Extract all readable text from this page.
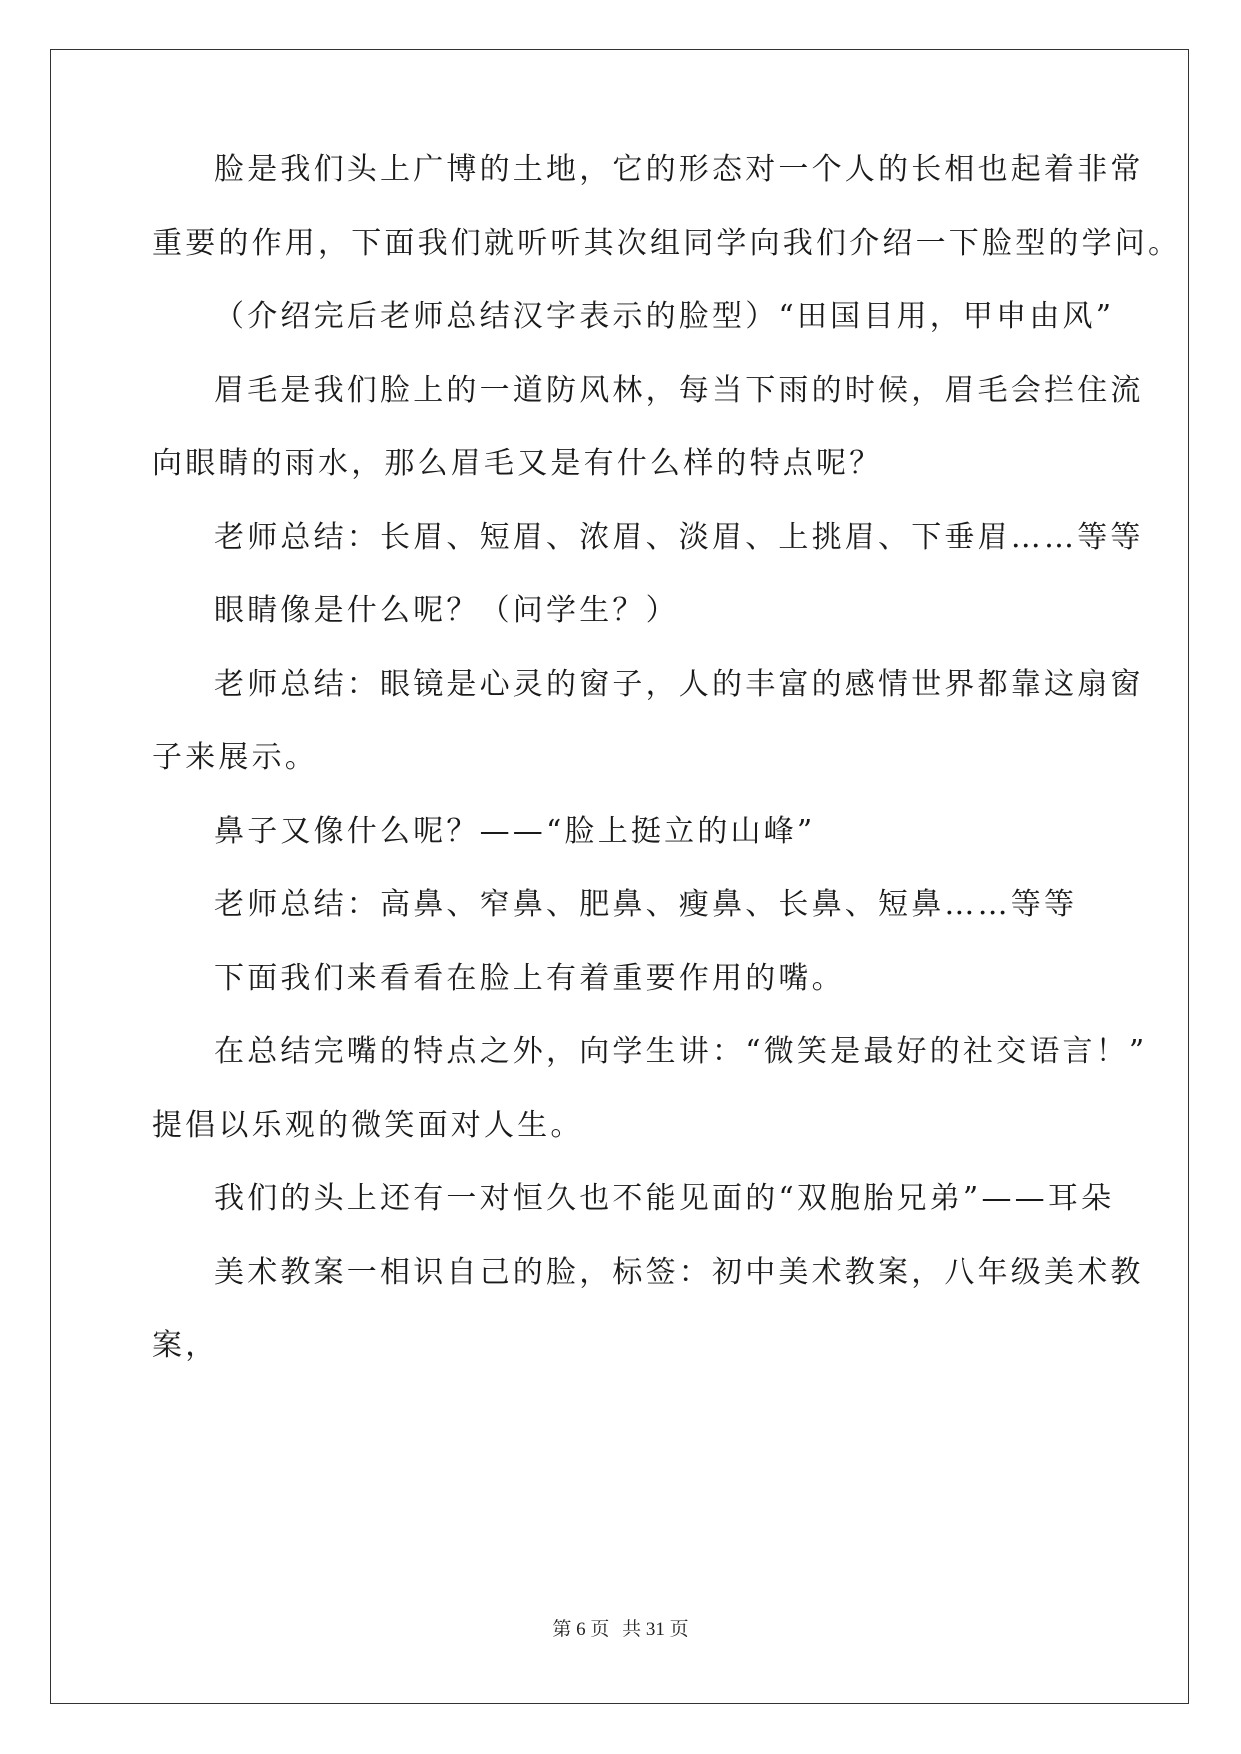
脸是我们头上广博的土地，它的形态对一个人的长相也起着非常
重要的作用，下面我们就听听其次组同学向我们介绍一下脸型的学问。
（介绍完后老师总结汉字表示的脸型）“田国目用，甲申由风”
眉毛是我们脸上的一道防风林，每当下雨的时候，眉毛会拦住流
向眼睛的雨水，那么眉毛又是有什么样的特点呢？
老师总结：长眉、短眉、浓眉、淡眉、上挑眉、下垂眉……等等
眼睛像是什么呢？（问学生？）
老师总结：眼镜是心灵的窗子，人的丰富的感情世界都靠这扇窗
子来展示。
鼻子又像什么呢？——“脸上挺立的山峰”
老师总结：高鼻、窄鼻、肥鼻、瘦鼻、长鼻、短鼻……等等
下面我们来看看在脸上有着重要作用的嘴。
在总结完嘴的特点之外，向学生讲：“微笑是最好的社交语言！”
提倡以乐观的微笑面对人生。
我们的头上还有一对恒久也不能见面的“双胞胎兄弟”——耳朵
美术教案一相识自己的脸，标签：初中美术教案，八年级美术教
案，
第 6 页 共 31 页
